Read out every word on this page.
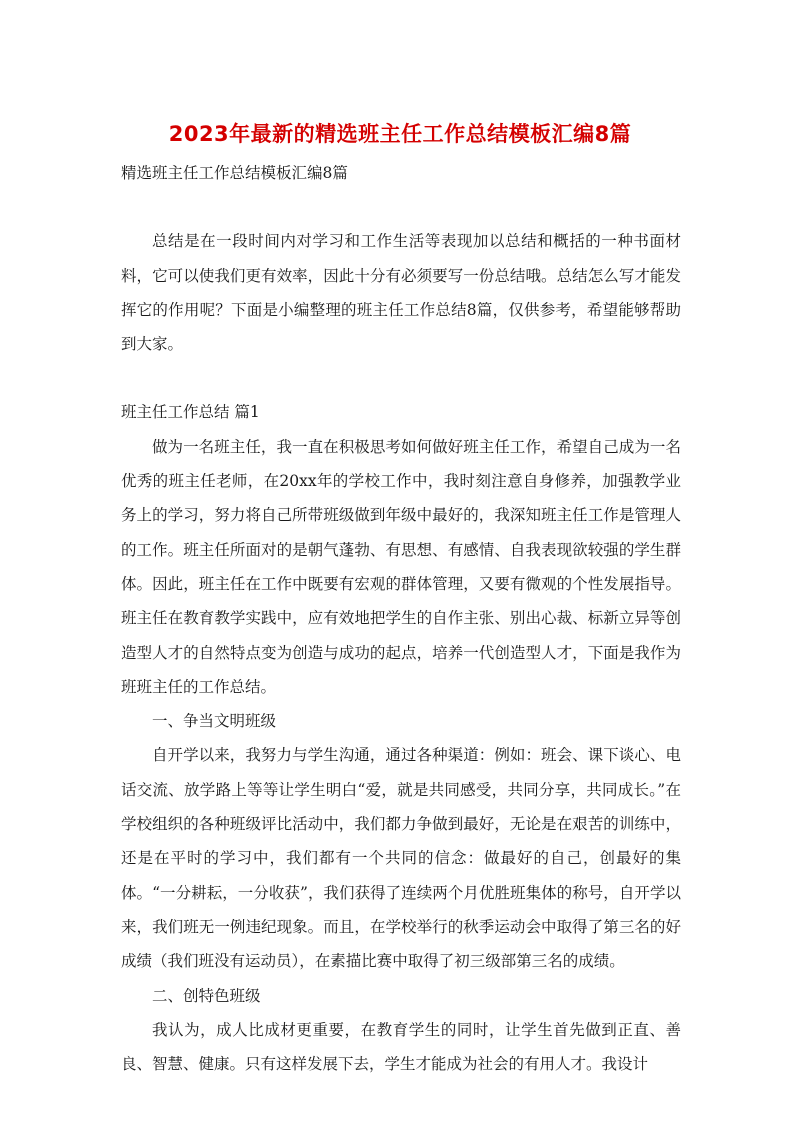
2023年最新的精选班主任工作总结模板汇编8篇

精选班主任工作总结模板汇编8篇

总结是在一段时间内对学习和工作生活等表现加以总结和概括的一种书面材料，它可以使我们更有效率，因此十分有必须要写一份总结哦。总结怎么写才能发挥它的作用呢？下面是小编整理的班主任工作总结8篇，仅供参考，希望能够帮助到大家。

班主任工作总结 篇1

做为一名班主任，我一直在积极思考如何做好班主任工作，希望自己成为一名优秀的班主任老师，在20xx年的学校工作中，我时刻注意自身修养，加强教学业务上的学习，努力将自己所带班级做到年级中最好的，我深知班主任工作是管理人的工作。班主任所面对的是朝气蓬勃、有思想、有感情、自我表现欲较强的学生群体。因此，班主任在工作中既要有宏观的群体管理，又要有微观的个性发展指导。班主任在教育教学实践中，应有效地把学生的自作主张、别出心裁、标新立异等创造型人才的自然特点变为创造与成功的起点，培养一代创造型人才，下面是我作为班班主任的工作总结。

一、争当文明班级

自开学以来，我努力与学生沟通，通过各种渠道：例如：班会、课下谈心、电话交流、放学路上等等让学生明白“爱，就是共同感受，共同分享，共同成长。”在学校组织的各种班级评比活动中，我们都力争做到最好，无论是在艰苦的训练中，还是在平时的学习中，我们都有一个共同的信念：做最好的自己，创最好的集体。“一分耕耘，一分收获”，我们获得了连续两个月优胜班集体的称号，自开学以来，我们班无一例违纪现象。而且，在学校举行的秋季运动会中取得了第三名的好成绩（我们班没有运动员），在素描比赛中取得了初三级部第三名的成绩。

二、创特色班级

我认为，成人比成材更重要，在教育学生的同时，让学生首先做到正直、善良、智慧、健康。只有这样发展下去，学生才能成为社会的有用人才。我设计
